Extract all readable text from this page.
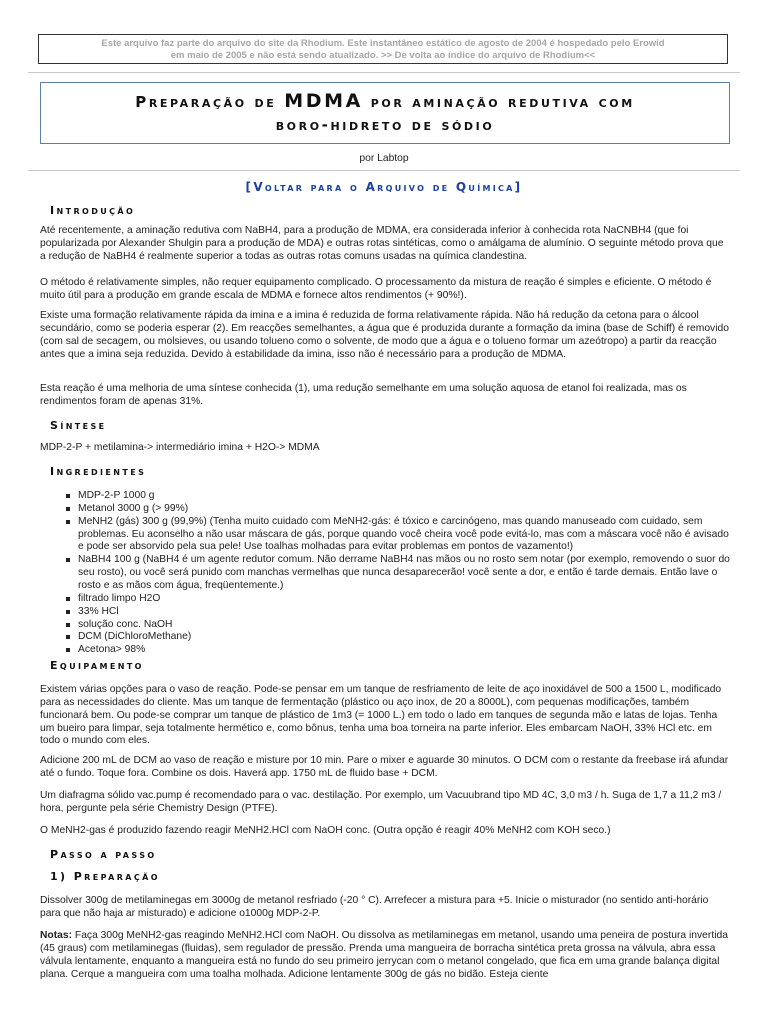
Este arquivo faz parte do arquivo do site da Rhodium. Este instantâneo estático de agosto de 2004 é hospedado pelo Erowid
em maio de 2005 e não está sendo atualizado. >> De volta ao índice do arquivo de Rhodium<<
Preparação de MDMA por aminação redutiva com
boro-hidreto de sódio
por Labtop
[Voltar para o Arquivo de Química]
Introdução

Até recentemente, a aminação redutiva com NaBH4, para a produção de MDMA, era considerada inferior à conhecida rota NaCNBH4 (que foi popularizada por Alexander Shulgin para a produção de MDA) e outras rotas sintéticas, como o amálgama de alumínio. O seguinte método prova que a redução de NaBH4 é realmente superior a todas as outras rotas comuns usadas na química clandestina.

O método é relativamente simples, não requer equipamento complicado. O processamento da mistura de reação é simples e eficiente. O método é muito útil para a produção em grande escala de MDMA e fornece altos rendimentos (+ 90%!).

Existe uma formação relativamente rápida da imina e a imina é reduzida de forma relativamente rápida. Não há redução da cetona para o álcool secundário, como se poderia esperar (2). Em reacções semelhantes, a água que é produzida durante a formação da imina (base de Schiff) é removido (com sal de secagem, ou molsieves, ou usando tolueno como o solvente, de modo que a água e o tolueno formar um azeótropo) a partir da reacção antes que a imina seja reduzida. Devido à estabilidade da imina, isso não é necessário para a produção de MDMA.

Esta reação é uma melhoria de uma síntese conhecida (1), uma redução semelhante em uma solução aquosa de etanol foi realizada, mas os rendimentos foram de apenas 31%.

Síntese

MDP-2-P + metilamina-> intermediário imina + H2O-> MDMA

Ingredientes
MDP-2-P 1000 g
Metanol 3000 g (> 99%)
MeNH2 (gás) 300 g (99,9%) (Tenha muito cuidado com MeNH2-gás: é tóxico e carcinógeno, mas quando manuseado com cuidado, sem problemas. Eu aconselho a não usar máscara de gás, porque quando você cheira você pode evitá-lo, mas com a máscara você não é avisado e pode ser absorvido pela sua pele! Use toalhas molhadas para evitar problemas em pontos de vazamento!)
NaBH4 100 g (NaBH4 é um agente redutor comum. Não derrame NaBH4 nas mãos ou no rosto sem notar (por exemplo, removendo o suor do seu rosto), ou você será punido com manchas vermelhas que nunca desaparecerão! você sente a dor, e então é tarde demais. Então lave o rosto e as mãos com água, freqüentemente.)
filtrado limpo H2O
33% HCl
solução conc. NaOH
DCM (DiChloroMethane)
Acetona> 98%
Equipamento

Existem várias opções para o vaso de reação. Pode-se pensar em um tanque de resfriamento de leite de aço inoxidável de 500 a 1500 L, modificado para as necessidades do cliente. Mas um tanque de fermentação (plástico ou aço inox, de 20 a 8000L), com pequenas modificações, também funcionará bem. Ou pode-se comprar um tanque de plástico de 1m3 (= 1000 L.) em todo o lado em tanques de segunda mão e latas de lojas. Tenha um bueiro para limpar, seja totalmente hermético e, como bônus, tenha uma boa torneira na parte inferior. Eles embarcam NaOH, 33% HCl etc. em todo o mundo com eles.

Adicione 200 mL de DCM ao vaso de reação e misture por 10 min. Pare o mixer e aguarde 30 minutos. O DCM com o restante da freebase irá afundar até o fundo. Toque fora. Combine os dois. Haverá app. 1750 mL de fluido base + DCM.

Um diafragma sólido vac.pump é recomendado para o vac. destilação. Por exemplo, um Vacuubrand tipo MD 4C, 3,0 m3 / h. Suga de 1,7 a 11,2 m3 / hora, pergunte pela série Chemistry Design (PTFE).

O MeNH2-gas é produzido fazendo reagir MeNH2.HCl com NaOH conc. (Outra opção é reagir 40% MeNH2 com KOH seco.)

Passo a passo
1) Preparação

Dissolver 300g de metilaminegas em 3000g de metanol resfriado (-20 ° C). Arrefecer a mistura para +5. Inicie o misturador (no sentido anti-horário para que não haja ar misturado) e adicione o1000g MDP-2-P.

Notas: Faça 300g MeNH2-gas reagindo MeNH2.HCl com NaOH. Ou dissolva as metilaminegas em metanol, usando uma peneira de postura invertida (45 graus) com metilaminegas (fluidas), sem regulador de pressão. Prenda uma mangueira de borracha sintética preta grossa na válvula, abra essa válvula lentamente, enquanto a mangueira está no fundo do seu primeiro jerrycan com o metanol congelado, que fica em uma grande balança digital plana. Cerque a mangueira com uma toalha molhada. Adicione lentamente 300g de gás no bidão. Esteja ciente
